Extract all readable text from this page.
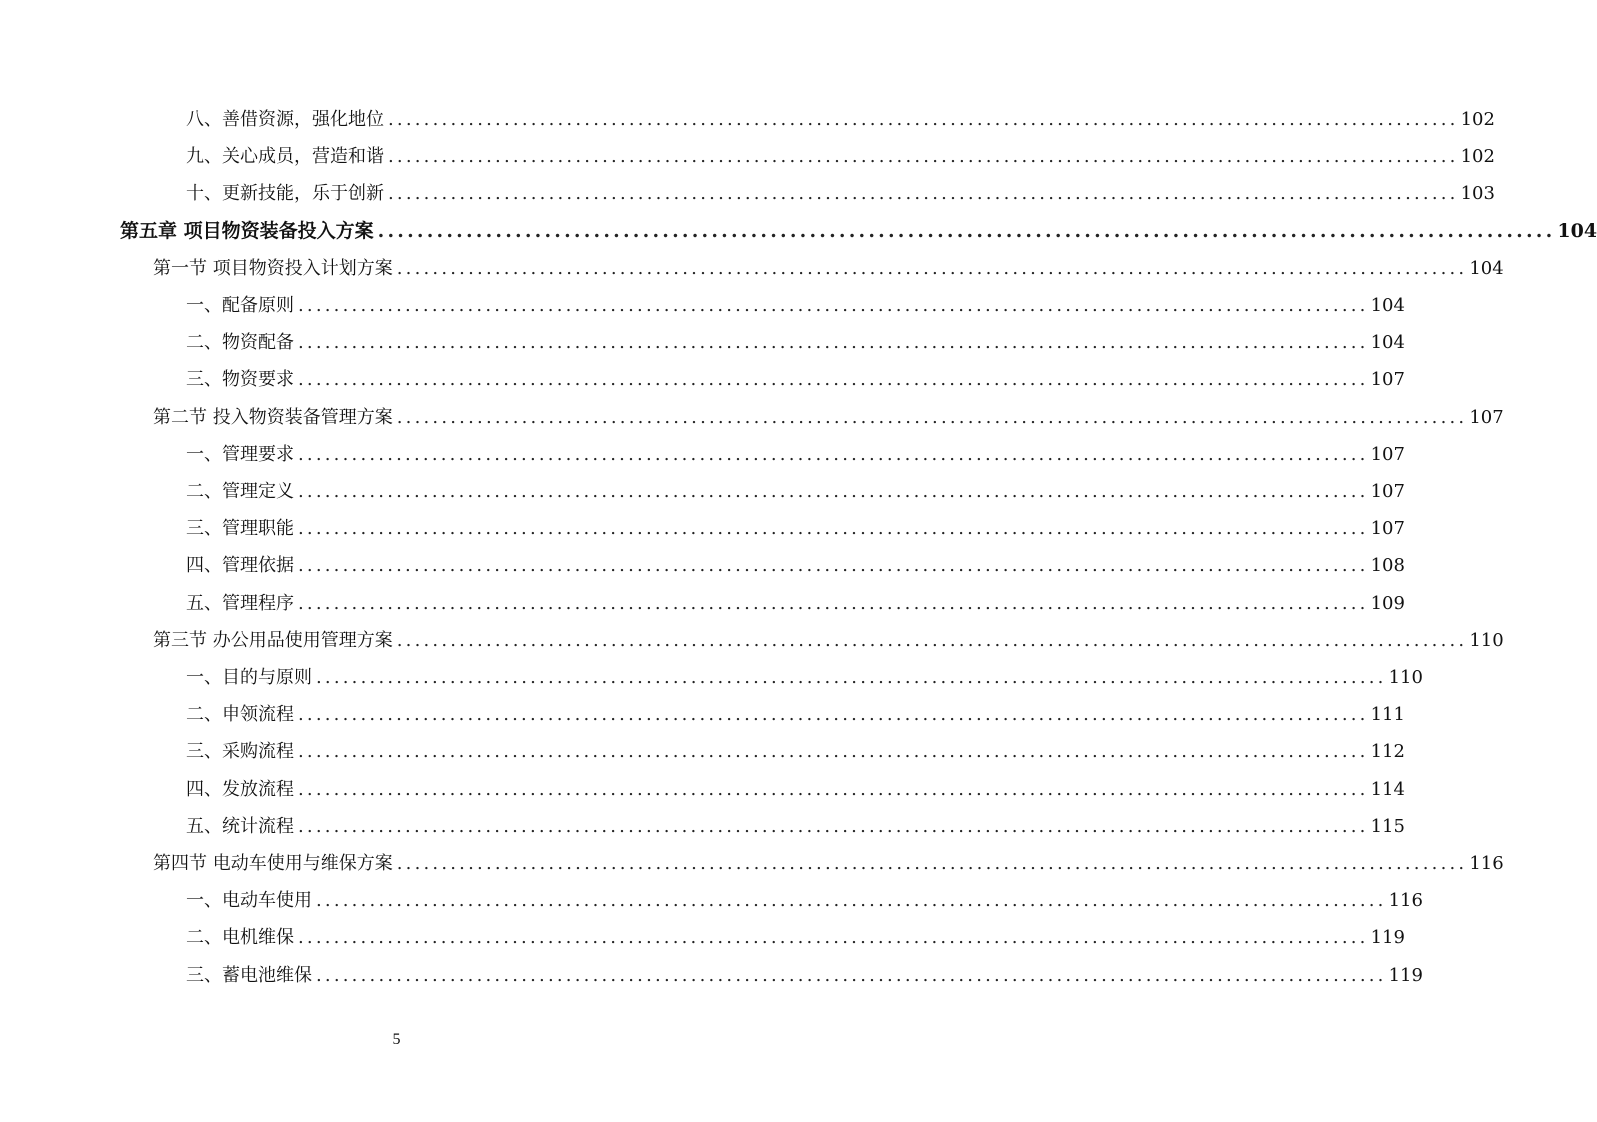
八、善借资源，强化地位 ........................................................................................................................ 102
九、关心成员，营造和谐 ........................................................................................................................ 102
十、更新技能，乐于创新 ........................................................................................................................ 103
第五章 项目物资装备投入方案 ........................................................................................................................ 104
第一节 项目物资投入计划方案 ........................................................................................................................ 104
一、配备原则 ........................................................................................................................ 104
二、物资配备 ........................................................................................................................ 104
三、物资要求 ........................................................................................................................ 107
第二节 投入物资装备管理方案 ........................................................................................................................ 107
一、管理要求 ........................................................................................................................ 107
二、管理定义 ........................................................................................................................ 107
三、管理职能 ........................................................................................................................ 107
四、管理依据 ........................................................................................................................ 108
五、管理程序 ........................................................................................................................ 109
第三节 办公用品使用管理方案 ........................................................................................................................ 110
一、目的与原则 ........................................................................................................................ 110
二、申领流程 ........................................................................................................................ 111
三、采购流程 ........................................................................................................................ 112
四、发放流程 ........................................................................................................................ 114
五、统计流程 ........................................................................................................................ 115
第四节 电动车使用与维保方案 ........................................................................................................................ 116
一、电动车使用 ........................................................................................................................ 116
二、电机维保 ........................................................................................................................ 119
三、蓄电池维保 ........................................................................................................................ 119
5
